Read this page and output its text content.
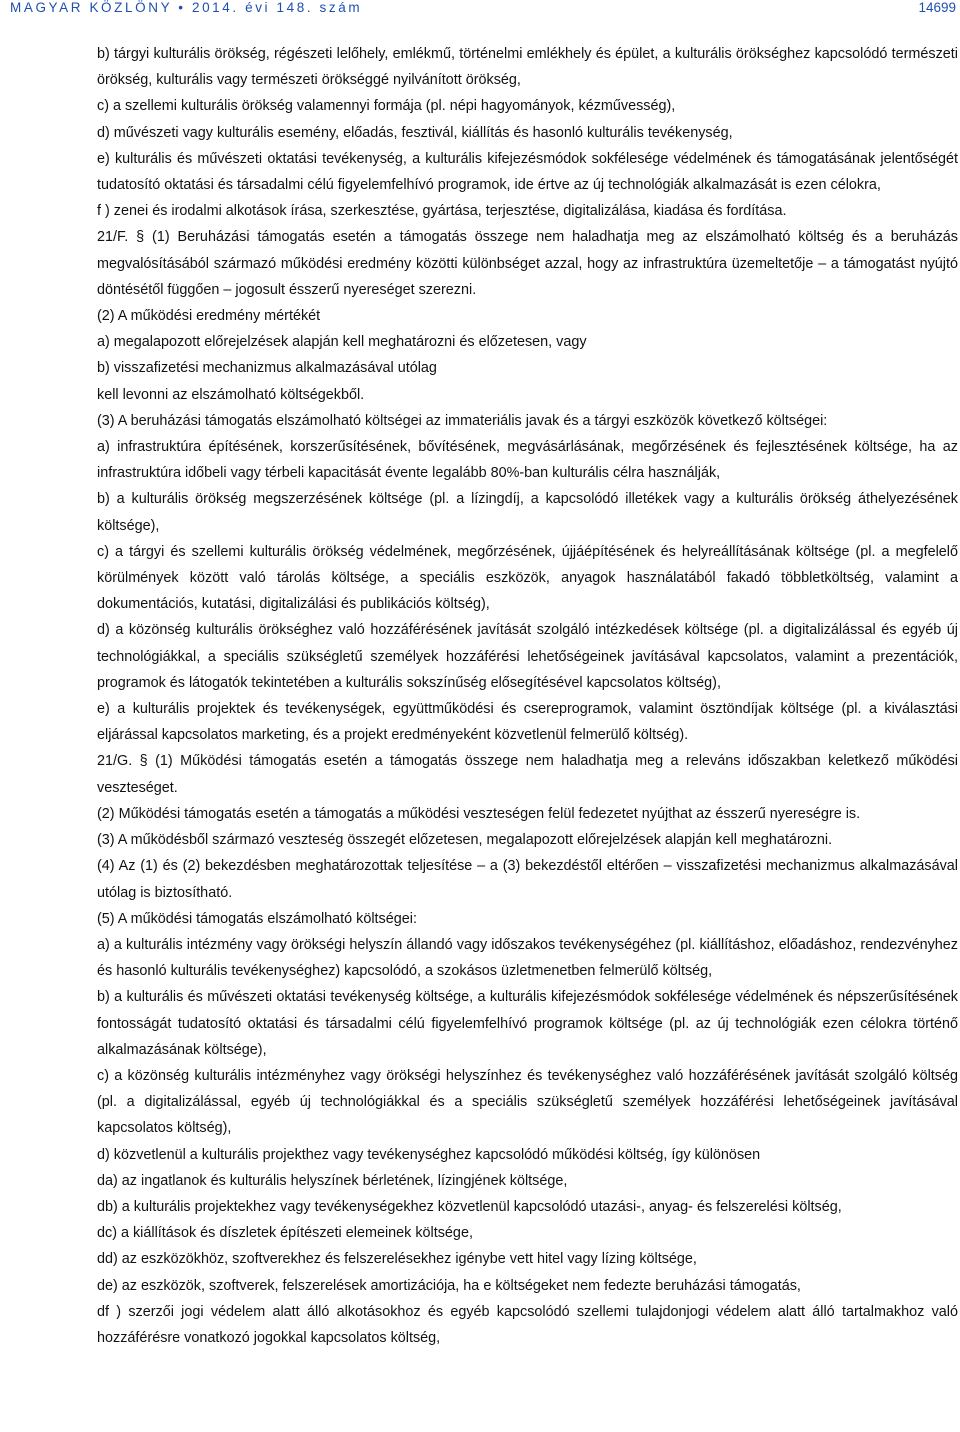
MAGYAR KÖZLÖNY • 2014. évi 148. szám	14699

b) tárgyi kulturális örökség, régészeti lelőhely, emlékmű, történelmi emlékhely és épület, a kulturális örökséghez kapcsolódó természeti örökség, kulturális vagy természeti örökséggé nyilvánított örökség,

c) a szellemi kulturális örökség valamennyi formája (pl. népi hagyományok, kézművesség),

d) művészeti vagy kulturális esemény, előadás, fesztivál, kiállítás és hasonló kulturális tevékenység,

e) kulturális és művészeti oktatási tevékenység, a kulturális kifejezésmódok sokfélesége védelmének és támogatásának jelentőségét tudatosító oktatási és társadalmi célú figyelemfelhívó programok, ide értve az új technológiák alkalmazását is ezen célokra,

f ) zenei és irodalmi alkotások írása, szerkesztése, gyártása, terjesztése, digitalizálása, kiadása és fordítása.

21/F. § (1) Beruházási támogatás esetén a támogatás összege nem haladhatja meg az elszámolható költség és a beruházás megvalósításából származó működési eredmény közötti különbséget azzal, hogy az infrastruktúra üzemeltetője – a támogatást nyújtó döntésétől függően – jogosult ésszerű nyereséget szerezni.

(2) A működési eredmény mértékét

a) megalapozott előrejelzések alapján kell meghatározni és előzetesen, vagy

b) visszafizetési mechanizmus alkalmazásával utólag

kell levonni az elszámolható költségekből.

(3) A beruházási támogatás elszámolható költségei az immateriális javak és a tárgyi eszközök következő költségei:

a) infrastruktúra építésének, korszerűsítésének, bővítésének, megvásárlásának, megőrzésének és fejlesztésének költsége, ha az infrastruktúra időbeli vagy térbeli kapacitását évente legalább 80%-ban kulturális célra használják,

b) a kulturális örökség megszerzésének költsége (pl. a lízingdíj, a kapcsolódó illetékek vagy a kulturális örökség áthelyezésének költsége),

c) a tárgyi és szellemi kulturális örökség védelmének, megőrzésének, újjáépítésének és helyreállításának költsége (pl. a megfelelő körülmények között való tárolás költsége, a speciális eszközök, anyagok használatából fakadó többletköltség, valamint a dokumentációs, kutatási, digitalizálási és publikációs költség),

d) a közönség kulturális örökséghez való hozzáférésének javítását szolgáló intézkedések költsége (pl. a digitalizálással és egyéb új technológiákkal, a speciális szükségletű személyek hozzáférési lehetőségeinek javításával kapcsolatos, valamint a prezentációk, programok és látogatók tekintetében a kulturális sokszínűség elősegítésével kapcsolatos költség),

e) a kulturális projektek és tevékenységek, együttműködési és csereprogramok, valamint ösztöndíjak költsége (pl. a kiválasztási eljárással kapcsolatos marketing, és a projekt eredményeként közvetlenül felmerülő költség).

21/G. § (1) Működési támogatás esetén a támogatás összege nem haladhatja meg a releváns időszakban keletkező működési veszteséget.

(2) Működési támogatás esetén a támogatás a működési veszteségen felül fedezetet nyújthat az ésszerű nyereségre is.

(3) A működésből származó veszteség összegét előzetesen, megalapozott előrejelzések alapján kell meghatározni.

(4) Az (1) és (2) bekezdésben meghatározottak teljesítése – a (3) bekezdéstől eltérően – visszafizetési mechanizmus alkalmazásával utólag is biztosítható.

(5) A működési támogatás elszámolható költségei:

a) a kulturális intézmény vagy örökségi helyszín állandó vagy időszakos tevékenységéhez (pl. kiállításhoz, előadáshoz, rendezvényhez és hasonló kulturális tevékenységhez) kapcsolódó, a szokásos üzletmenetben felmerülő költség,

b) a kulturális és művészeti oktatási tevékenység költsége, a kulturális kifejezésmódok sokfélesége védelmének és népszerűsítésének fontosságát tudatosító oktatási és társadalmi célú figyelemfelhívó programok költsége (pl. az új technológiák ezen célokra történő alkalmazásának költsége),

c) a közönség kulturális intézményhez vagy örökségi helyszínhez és tevékenységhez való hozzáférésének javítását szolgáló költség (pl. a digitalizálással, egyéb új technológiákkal és a speciális szükségletű személyek hozzáférési lehetőségeinek javításával kapcsolatos költség),

d) közvetlenül a kulturális projekthez vagy tevékenységhez kapcsolódó működési költség, így különösen

da) az ingatlanok és kulturális helyszínek bérletének, lízingjének költsége,

db) a kulturális projektekhez vagy tevékenységekhez közvetlenül kapcsolódó utazási-, anyag- és felszerelési költség,

dc) a kiállítások és díszletek építészeti elemeinek költsége,

dd) az eszközökhöz, szoftverekhez és felszerelésekhez igénybe vett hitel vagy lízing költsége,

de) az eszközök, szoftverek, felszerelések amortizációja, ha e költségeket nem fedezte beruházási támogatás,

df ) szerzői jogi védelem alatt álló alkotásokhoz és egyéb kapcsolódó szellemi tulajdonjogi védelem alatt álló tartalmakhoz való hozzáférésre vonatkozó jogokkal kapcsolatos költség,
